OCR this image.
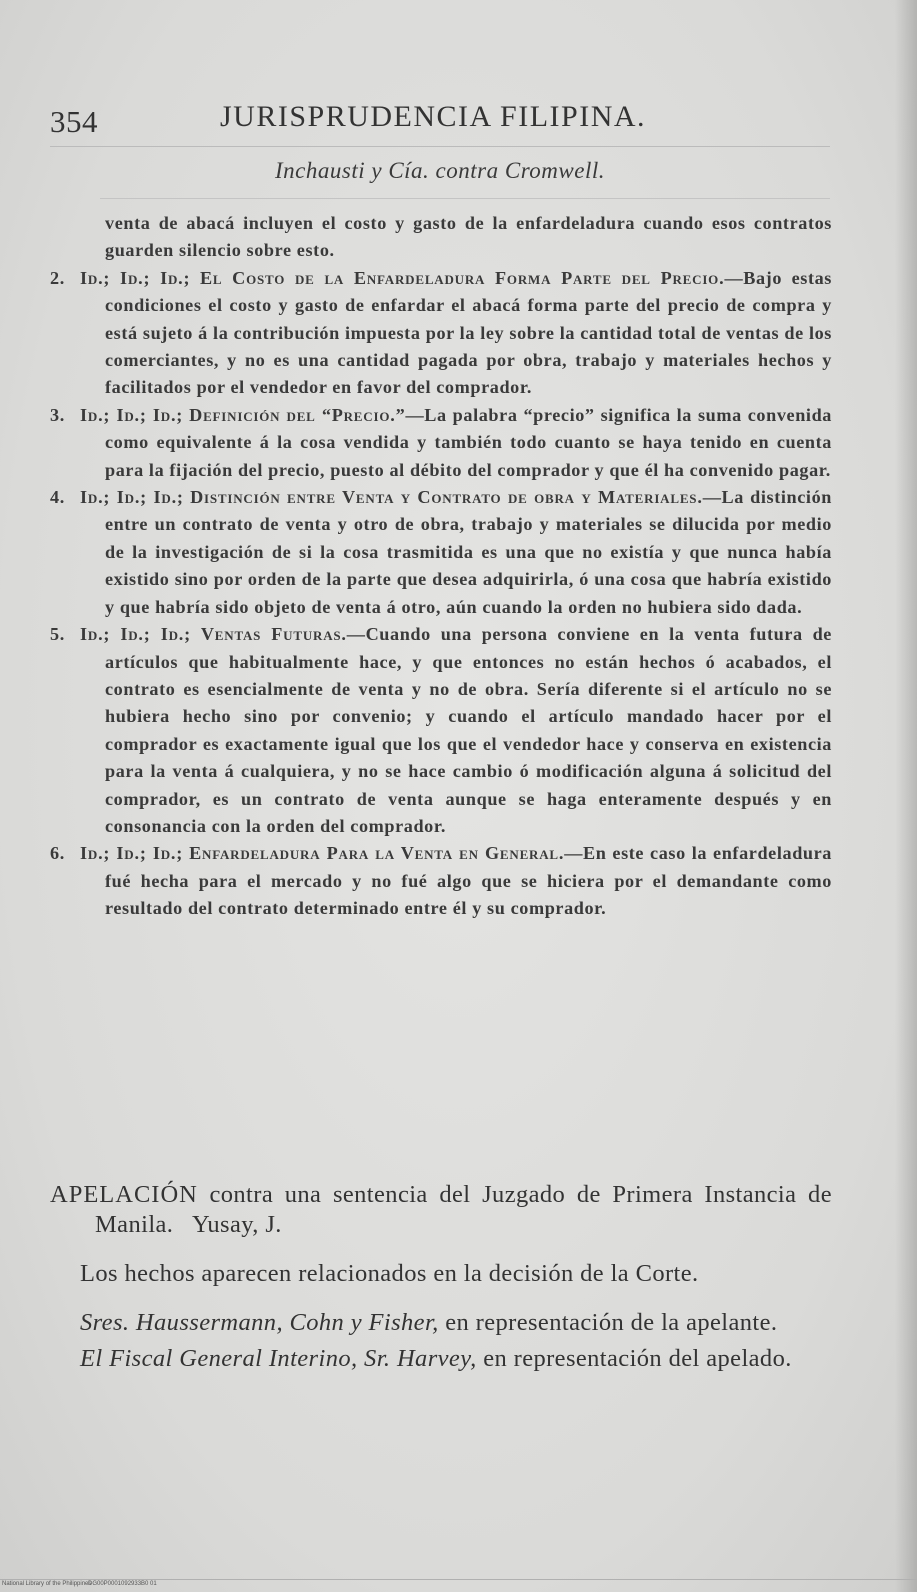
354	JURISPRUDENCIA FILIPINA.
Inchausti y Cía. contra Cromwell.

venta de abacá incluyen el costo y gasto de la enfardeladura cuando esos contratos guarden silencio sobre esto.

2. Id.; Id.; Id.; El Costo de la Enfardeladura Forma Parte del Precio.—Bajo estas condiciones el costo y gasto de enfardar el abacá forma parte del precio de compra y está sujeto á la contribución impuesta por la ley sobre la cantidad total de ventas de los comerciantes, y no es una cantidad pagada por obra, trabajo y materiales hechos y facilitados por el vendedor en favor del comprador.

3. Id.; Id.; Id.; Definición del “Precio.”—La palabra “precio” significa la suma convenida como equivalente á la cosa vendida y también todo cuanto se haya tenido en cuenta para la fijación del precio, puesto al débito del comprador y que él ha convenido pagar.

4. Id.; Id.; Id.; Distinción entre Venta y Contrato de obra y Materiales.—La distinción entre un contrato de venta y otro de obra, trabajo y materiales se dilucida por medio de la investigación de si la cosa trasmitida es una que no existía y que nunca había existido sino por orden de la parte que desea adquirirla, ó una cosa que habría existido y que habría sido objeto de venta á otro, aún cuando la orden no hubiera sido dada.

5. Id.; Id.; Id.; Ventas Futuras.—Cuando una persona conviene en la venta futura de artículos que habitualmente hace, y que entonces no están hechos ó acabados, el contrato es esencialmente de venta y no de obra. Sería diferente si el artículo no se hubiera hecho sino por convenio; y cuando el artículo mandado hacer por el comprador es exactamente igual que los que el vendedor hace y conserva en existencia para la venta á cualquiera, y no se hace cambio ó modificación alguna á solicitud del comprador, es un contrato de venta aunque se haga enteramente después y en consonancia con la orden del comprador.

6. Id.; Id.; Id.; Enfardeladura Para la Venta en General.—En este caso la enfardeladura fué hecha para el mercado y no fué algo que se hiciera por el demandante como resultado del contrato determinado entre él y su comprador.

APELACIÓN contra una sentencia del Juzgado de Primera Instancia de Manila. Yusay, J.

Los hechos aparecen relacionados en la decisión de la Corte.

Sres. Haussermann, Cohn y Fisher, en representación de la apelante.

El Fiscal General Interino, Sr. Harvey, en representación del apelado.

National Library of the Philippines
DG00P0001092933B0 01
